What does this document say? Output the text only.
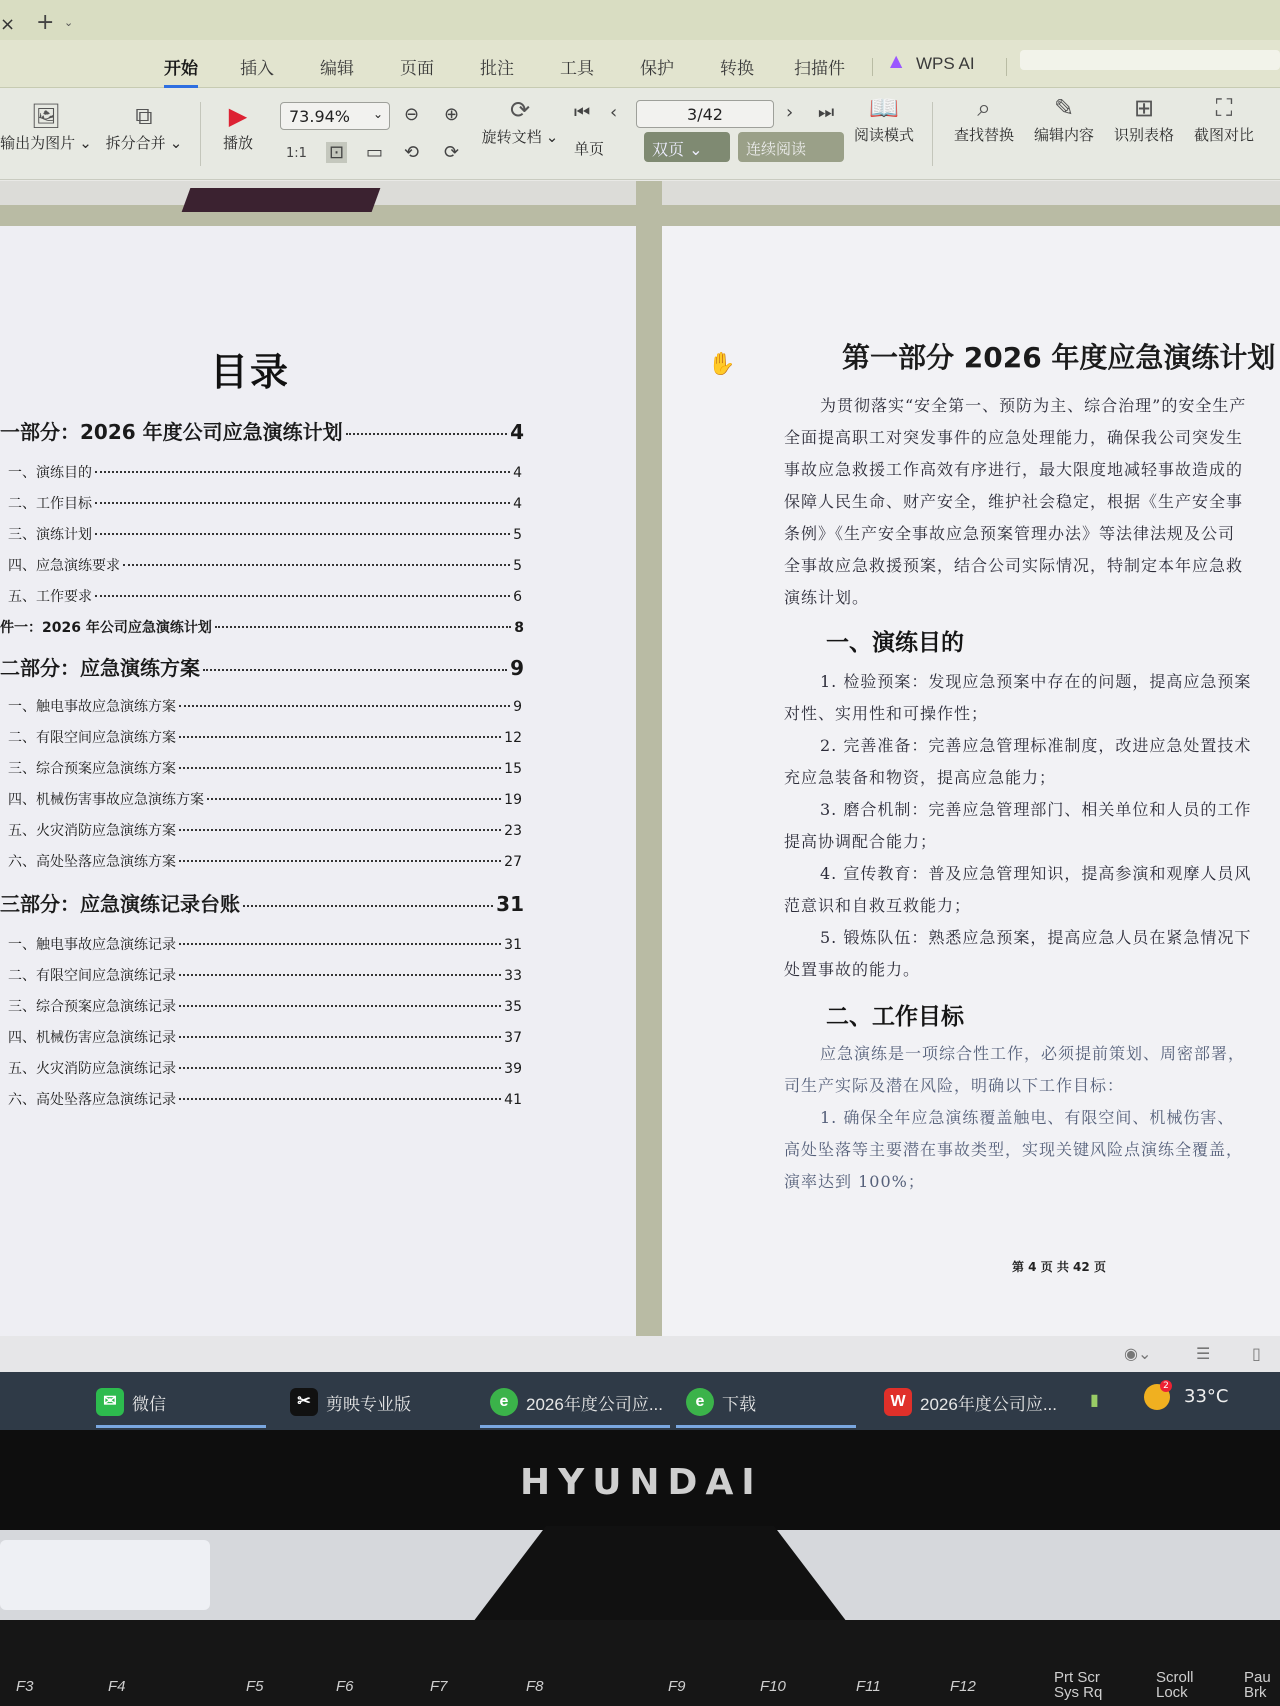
× + ⌄
开始 插入	编辑	页面	批注	工具	保护	转换 扫描件	WPS AI
▲
🖼
输出为图片 ⌄
⧉
拆分合并 ⌄
▶
播放
73.94% ⌄ ⊖ ⊕
1:1 ⊡ ▭ ⟲ ⟳
⟳
旋转文档 ⌄
⏮ ‹	3/42	› ⏭
单页	双页 ⌄	连续阅读
📖
阅读模式
⌕
查找替换
✎
编辑内容
⊞
识别表格
⛶
截图对比
目录
一部分：2026 年度公司应急演练计划	4
一、演练目的	4
二、工作目标	4
三、演练计划	5
四、应急演练要求	5
五、工作要求	6
件一：2026 年公司应急演练计划	8
二部分：应急演练方案	9
一、触电事故应急演练方案	9
二、有限空间应急演练方案	12
三、综合预案应急演练方案	15
四、机械伤害事故应急演练方案	19
五、火灾消防应急演练方案	23
六、高处坠落应急演练方案	27
三部分：应急演练记录台账	31
一、触电事故应急演练记录	31
二、有限空间应急演练记录	33
三、综合预案应急演练记录	35
四、机械伤害应急演练记录	37
五、火灾消防应急演练记录	39
六、高处坠落应急演练记录	41
✋	第一部分 2026 年度应急演练计划
为贯彻落实“安全第一、预防为主、综合治理”的安全生产
全面提高职工对突发事件的应急处理能力，确保我公司突发生
事故应急救援工作高效有序进行，最大限度地减轻事故造成的
保障人民生命、财产安全，维护社会稳定，根据《生产安全事
条例》《生产安全事故应急预案管理办法》等法律法规及公司
全事故应急救援预案，结合公司实际情况，特制定本年应急救
演练计划。
一、演练目的
1. 检验预案：发现应急预案中存在的问题，提高应急预案
对性、实用性和可操作性；
2. 完善准备：完善应急管理标准制度，改进应急处置技术
充应急装备和物资，提高应急能力；
3. 磨合机制：完善应急管理部门、相关单位和人员的工作
提高协调配合能力；
4. 宣传教育：普及应急管理知识，提高参演和观摩人员风
范意识和自救互救能力；
5. 锻炼队伍：熟悉应急预案，提高应急人员在紧急情况下
处置事故的能力。
二、工作目标
应急演练是一项综合性工作，必须提前策划、周密部署，
司生产实际及潜在风险，明确以下工作目标：
1. 确保全年应急演练覆盖触电、有限空间、机械伤害、
高处坠落等主要潜在事故类型，实现关键风险点演练全覆盖，
演率达到 100%；
第 4 页 共 42 页
◉⌄	☰	▯
✉ 微信	✂ 剪映专业版	e	2026年度公司应...	e	下载	W 2026年度公司应... ▮
2 33°C
HYUNDAI
F3	F4	F5	F6	F7	F8	F9	F10	F11	F12
Prt Scr
Sys Rq
Scroll
Lock
Pau
Brk
